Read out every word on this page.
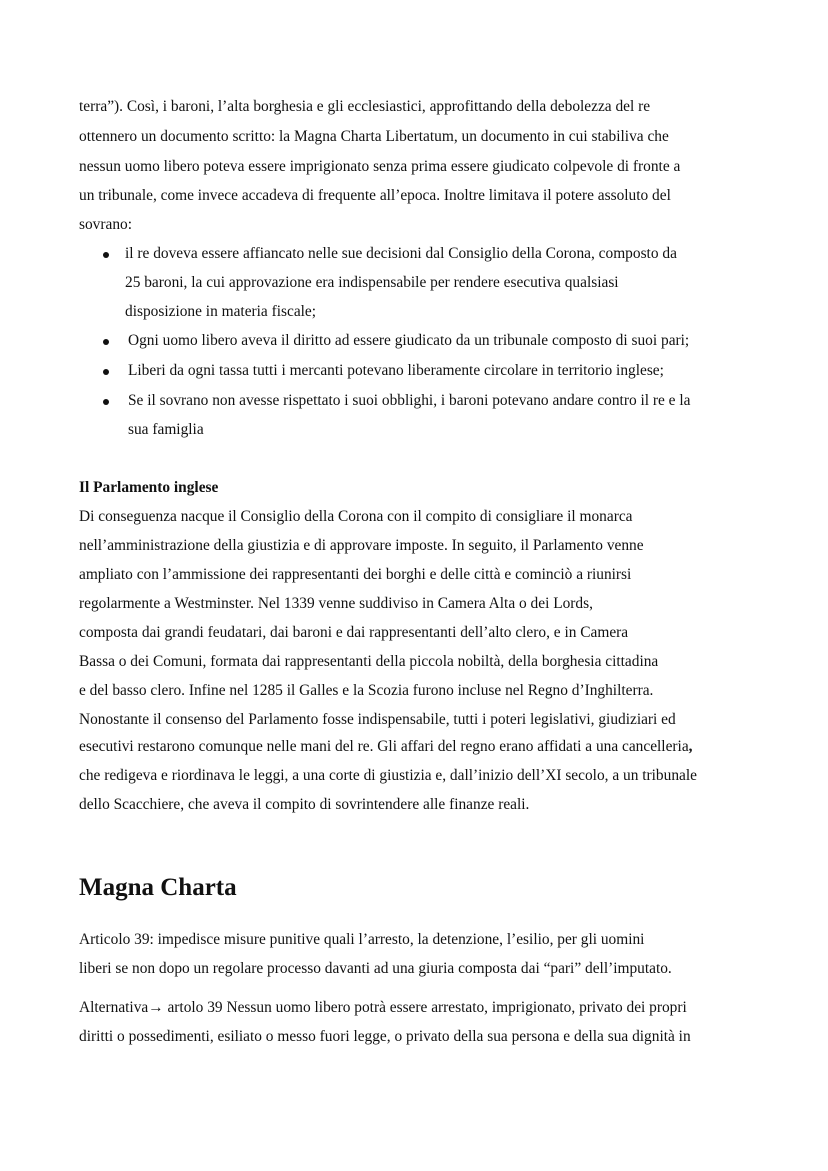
terra”). Così, i baroni, l’alta borghesia e gli ecclesiastici, approfittando della debolezza del re
ottennero un documento scritto: la Magna Charta Libertatum, un documento in cui stabiliva che
nessun uomo libero poteva essere imprigionato senza prima essere giudicato colpevole di fronte a
un tribunale, come invece accadeva di frequente all’epoca. Inoltre limitava il potere assoluto del
sovrano:
il re doveva essere affiancato nelle sue decisioni dal Consiglio della Corona, composto da
25 baroni, la cui approvazione era indispensabile per rendere esecutiva qualsiasi
disposizione in materia fiscale;
Ogni uomo libero aveva il diritto ad essere giudicato da un tribunale composto di suoi pari;
Liberi da ogni tassa tutti i mercanti potevano liberamente circolare in territorio inglese;
Se il sovrano non avesse rispettato i suoi obblighi, i baroni potevano andare contro il re e la
sua famiglia
Il Parlamento inglese
Di conseguenza nacque il Consiglio della Corona con il compito di consigliare il monarca
nell’amministrazione della giustizia e di approvare imposte. In seguito, il Parlamento venne
ampliato con l’ammissione dei rappresentanti dei borghi e delle città e cominciò a riunirsi
regolarmente a Westminster. Nel 1339 venne suddiviso in Camera Alta o dei Lords,
composta dai grandi feudatari, dai baroni e dai rappresentanti dell’alto clero, e in Camera
Bassa o dei Comuni, formata dai rappresentanti della piccola nobiltà, della borghesia cittadina
e del basso clero. Infine nel 1285 il Galles e la Scozia furono incluse nel Regno d’Inghilterra.
Nonostante il consenso del Parlamento fosse indispensabile, tutti i poteri legislativi, giudiziari ed
esecutivi restarono comunque nelle mani del re. Gli affari del regno erano affidati a una cancelleria,
che redigeva e riordinava le leggi, a una corte di giustizia e, dall’inizio dell’XI secolo, a un tribunale
dello Scacchiere, che aveva il compito di sovrintendere alle finanze reali.
Magna Charta
Articolo 39: impedisce misure punitive quali l’arresto, la detenzione, l’esilio, per gli uomini
liberi se non dopo un regolare processo davanti ad una giuria composta dai “pari” dell’imputato.
Alternativa→ artolo 39 Nessun uomo libero potrà essere arrestato, imprigionato, privato dei propri
diritti o possedimenti, esiliato o messo fuori legge, o privato della sua persona e della sua dignità in
